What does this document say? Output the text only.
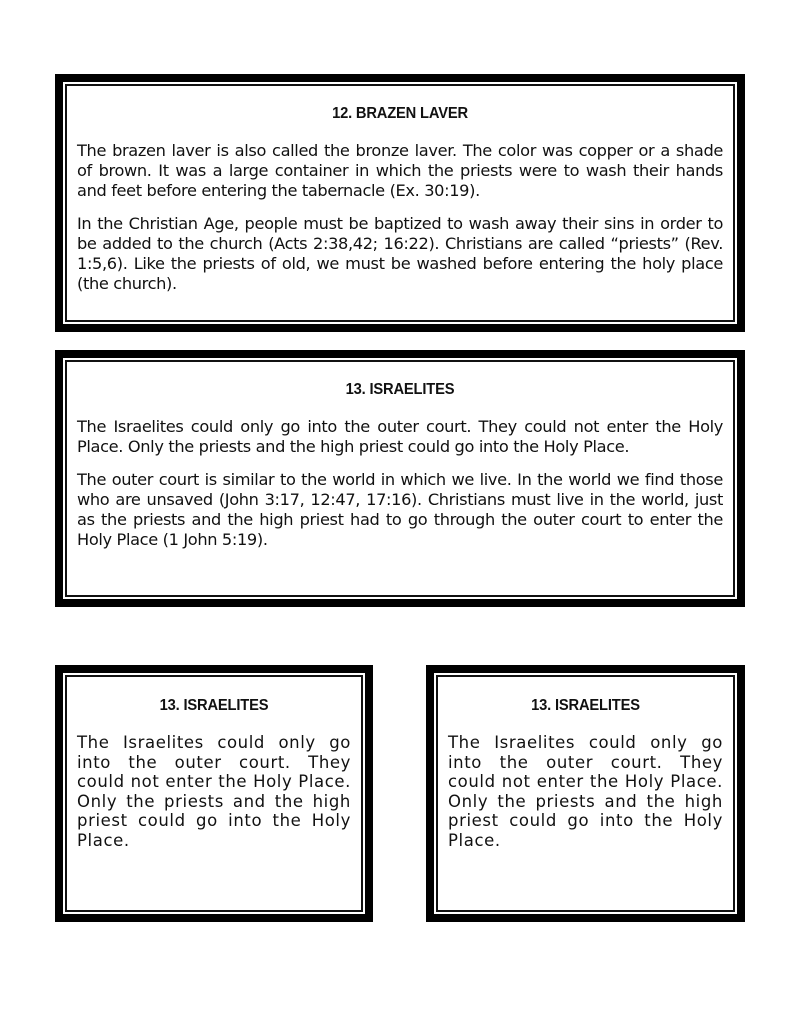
12. BRAZEN LAVER

The brazen laver is also called the bronze laver. The color was copper or a shade of brown. It was a large container in which the priests were to wash their hands and feet before entering the tabernacle (Ex. 30:19).

In the Christian Age, people must be baptized to wash away their sins in order to be added to the church (Acts 2:38,42; 16:22). Christians are called “priests” (Rev. 1:5,6). Like the priests of old, we must be washed before entering the holy place (the church).

13. ISRAELITES

The Israelites could only go into the outer court. They could not enter the Holy Place. Only the priests and the high priest could go into the Holy Place.

The outer court is similar to the world in which we live. In the world we find those who are unsaved (John 3:17, 12:47, 17:16). Christians must live in the world, just as the priests and the high priest had to go through the outer court to enter the Holy Place (1 John 5:19).

13. ISRAELITES

The Israelites could only go into the outer court. They could not enter the Holy Place. Only the priests and the high priest could go into the Holy Place.

13. ISRAELITES

The Israelites could only go into the outer court. They could not enter the Holy Place. Only the priests and the high priest could go into the Holy Place.
